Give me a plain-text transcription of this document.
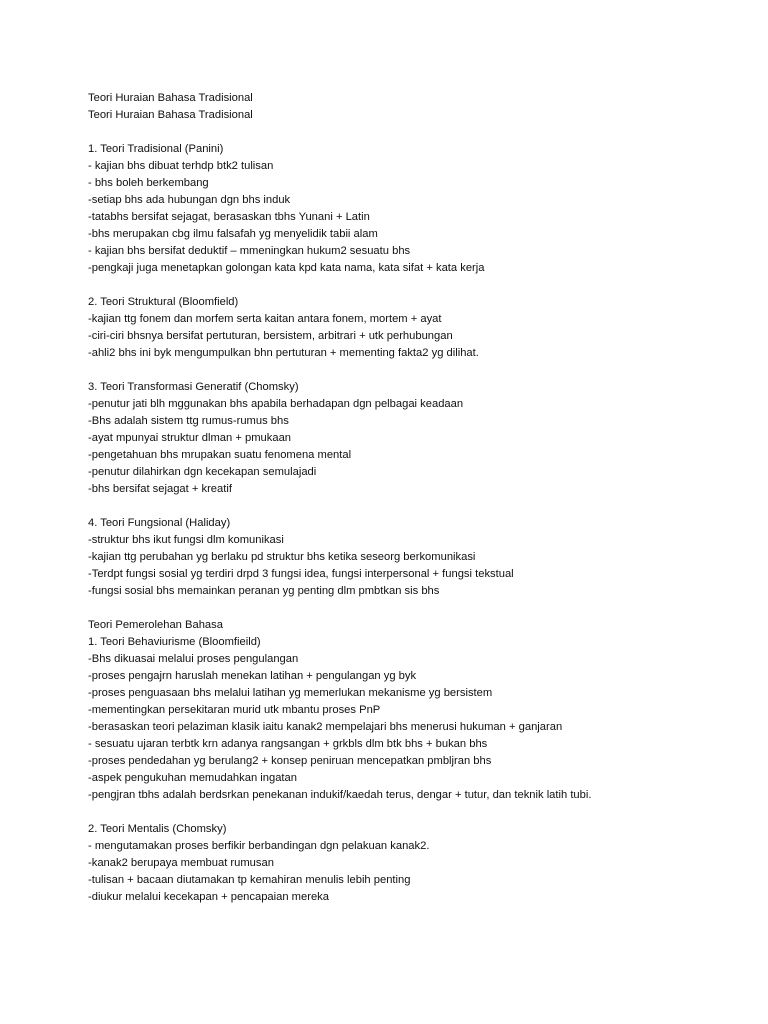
Teori Huraian Bahasa Tradisional
Teori Huraian Bahasa Tradisional
1. Teori Tradisional (Panini)
- kajian bhs dibuat terhdp btk2 tulisan
- bhs boleh berkembang
-setiap bhs ada hubungan dgn bhs induk
-tatabhs bersifat sejagat, berasaskan tbhs Yunani + Latin
-bhs merupakan cbg ilmu falsafah yg menyelidik tabii alam
- kajian bhs bersifat deduktif – mmeningkan hukum2 sesuatu bhs
-pengkaji juga menetapkan golongan kata kpd kata nama, kata sifat + kata kerja
2. Teori Struktural (Bloomfield)
-kajian ttg fonem dan morfem serta kaitan antara fonem, mortem + ayat
-ciri-ciri bhsnya bersifat pertuturan, bersistem, arbitrari + utk perhubungan
-ahli2 bhs ini byk mengumpulkan bhn pertuturan + mementing fakta2 yg dilihat.
3. Teori Transformasi Generatif (Chomsky)
-penutur jati blh mggunakan bhs apabila berhadapan dgn pelbagai keadaan
-Bhs adalah sistem ttg rumus-rumus bhs
-ayat mpunyai struktur dlman + pmukaan
-pengetahuan bhs mrupakan suatu fenomena mental
-penutur dilahirkan dgn kecekapan semulajadi
-bhs bersifat sejagat + kreatif
4. Teori Fungsional (Haliday)
-struktur bhs ikut fungsi dlm komunikasi
-kajian ttg perubahan yg berlaku pd struktur bhs ketika seseorg berkomunikasi
-Terdpt fungsi sosial yg terdiri drpd 3 fungsi idea, fungsi interpersonal + fungsi tekstual
-fungsi sosial bhs memainkan peranan yg penting dlm pmbtkan sis bhs
Teori Pemerolehan Bahasa
1. Teori Behaviurisme (Bloomfieild)
-Bhs dikuasai melalui proses pengulangan
-proses pengajrn haruslah menekan latihan + pengulangan yg byk
-proses penguasaan bhs melalui latihan yg memerlukan mekanisme yg bersistem
-mementingkan persekitaran murid utk mbantu proses PnP
-berasaskan teori pelaziman klasik iaitu kanak2 mempelajari bhs menerusi hukuman + ganjaran
- sesuatu ujaran terbtk krn adanya rangsangan + grkbls dlm btk bhs + bukan bhs
-proses pendedahan yg berulang2 + konsep peniruan mencepatkan pmbljran bhs
-aspek pengukuhan memudahkan ingatan
-pengjran tbhs adalah berdsrkan penekanan indukif/kaedah terus, dengar + tutur, dan teknik latih tubi.
2. Teori Mentalis (Chomsky)
- mengutamakan proses berfikir berbandingan dgn pelakuan kanak2.
-kanak2 berupaya membuat rumusan
-tulisan + bacaan diutamakan tp kemahiran menulis lebih penting
-diukur melalui kecekapan + pencapaian mereka
